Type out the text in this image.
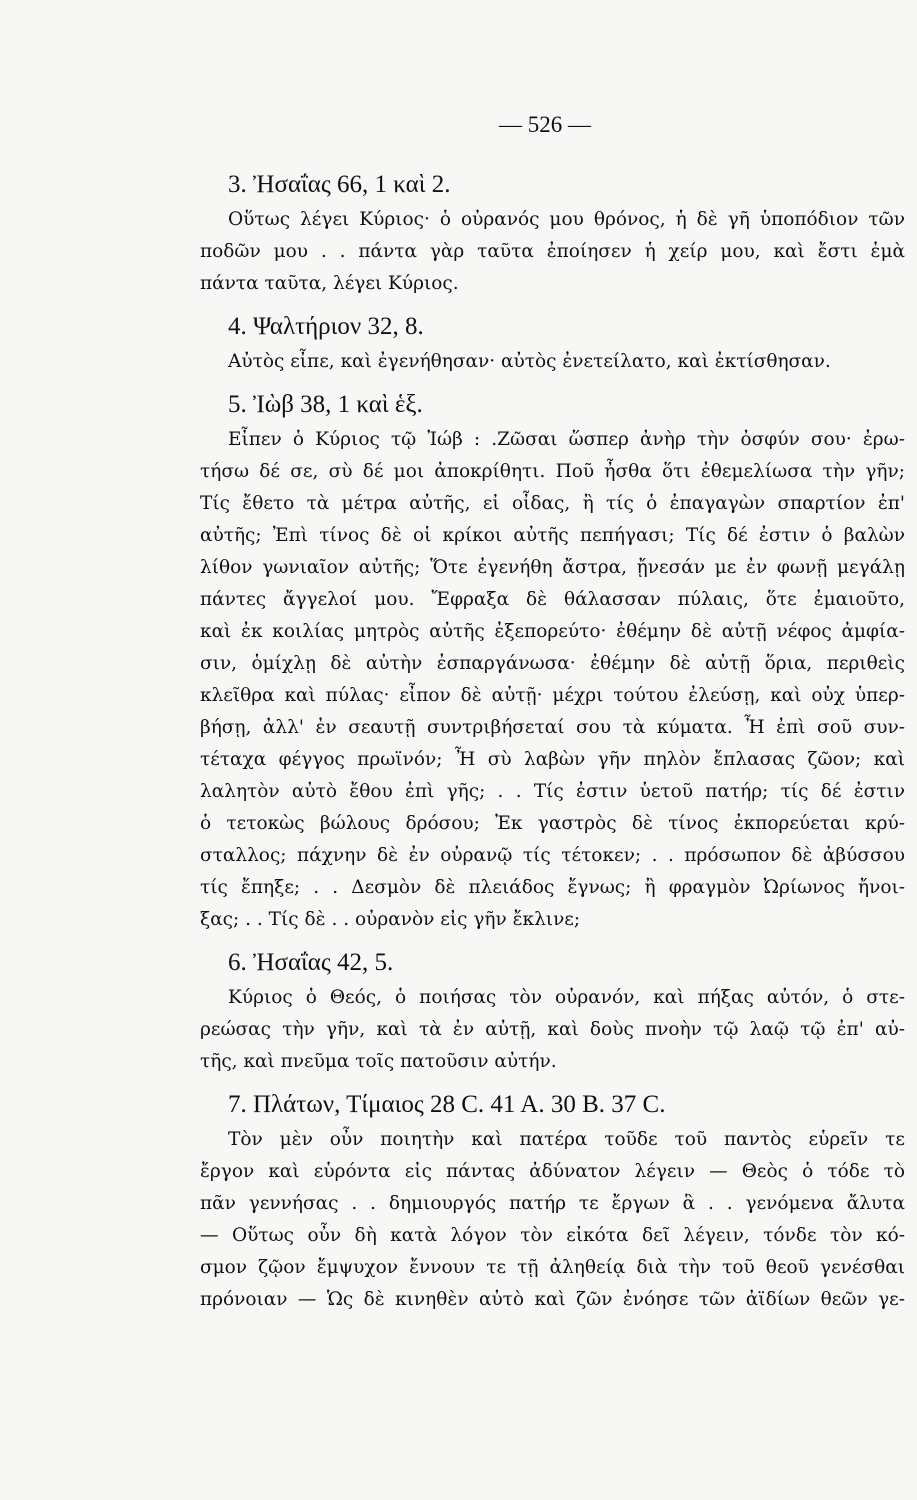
— 526 —
3. Ἠσαΐας 66, 1 καὶ 2.
Οὕτως λέγει Κύριος· ὁ οὐρανός μου θρόνος, ἡ δὲ γῆ ὑποπόδιον τῶν
ποδῶν μου . . πάντα γὰρ ταῦτα ἐποίησεν ἡ χείρ μου, καὶ ἔστι ἐμὰ
πάντα ταῦτα, λέγει Κύριος.
4. Ψαλτήριον 32, 8.
Αὐτὸς εἶπε, καὶ ἐγενήθησαν· αὐτὸς ἐνετείλατο, καὶ ἐκτίσθησαν.
5. Ἰὼβ 38, 1 καὶ ἑξ.
Εἶπεν ὁ Κύριος τῷ Ἰώβ : .Ζῶσαι ὥσπερ ἀνὴρ τὴν ὀσφύν σου· ἐρω-
τήσω δέ σε, σὺ δέ μοι ἀποκρίθητι. Ποῦ ἦσθα ὅτι ἐθεμελίωσα τὴν γῆν;
Τίς ἔθετο τὰ μέτρα αὐτῆς, εἰ οἶδας, ἢ τίς ὁ ἐπαγαγὼν σπαρτίον ἐπ'
αὐτῆς; Ἐπὶ τίνος δὲ οἱ κρίκοι αὐτῆς πεπήγασι; Τίς δέ ἐστιν ὁ βαλὼν
λίθον γωνιαῖον αὐτῆς; Ὅτε ἐγενήθη ἄστρα, ᾔνεσάν με ἐν φωνῇ μεγάλῃ
πάντες ἄγγελοί μου. Ἔφραξα δὲ θάλασσαν πύλαις, ὅτε ἐμαιοῦτο,
καὶ ἐκ κοιλίας μητρὸς αὐτῆς ἐξεπορεύτο· ἐθέμην δὲ αὐτῇ νέφος ἀμφία-
σιν, ὁμίχλῃ δὲ αὐτὴν ἐσπαργάνωσα· ἐθέμην δὲ αὐτῇ ὅρια, περιθεὶς
κλεῖθρα καὶ πύλας· εἶπον δὲ αὐτῇ· μέχρι τούτου ἐλεύσῃ, καὶ οὐχ ὑπερ-
βήσῃ, ἀλλ' ἐν σεαυτῇ συντριβήσεταί σου τὰ κύματα. Ἦ ἐπὶ σοῦ συν-
τέταχα φέγγος πρωϊνόν; Ἦ σὺ λαβὼν γῆν πηλὸν ἔπλασας ζῶον; καὶ
λαλητὸν αὐτὸ ἔθου ἐπὶ γῆς; . . Τίς ἐστιν ὑετοῦ πατήρ; τίς δέ ἐστιν
ὁ τετοκὼς βώλους δρόσου; Ἐκ γαστρὸς δὲ τίνος ἐκπορεύεται κρύ-
σταλλος; πάχνην δὲ ἐν οὐρανῷ τίς τέτοκεν; . . πρόσωπον δὲ ἀβύσσου
τίς ἔπηξε; . . Δεσμὸν δὲ πλειάδος ἔγνως; ἢ φραγμὸν Ὠρίωνος ἤνοι-
ξας; . . Τίς δὲ . . οὐρανὸν εἰς γῆν ἔκλινε;
6. Ἠσαΐας 42, 5.
Κύριος ὁ Θεός, ὁ ποιήσας τὸν οὐρανόν, καὶ πήξας αὐτόν, ὁ στε-
ρεώσας τὴν γῆν, καὶ τὰ ἐν αὐτῇ, καὶ δοὺς πνοὴν τῷ λαῷ τῷ ἐπ' αὐ-
τῆς, καὶ πνεῦμα τοῖς πατοῦσιν αὐτήν.
7. Πλάτων, Τίμαιος 28 C. 41 A. 30 B. 37 C.
Τὸν μὲν οὖν ποιητὴν καὶ πατέρα τοῦδε τοῦ παντὸς εὑρεῖν τε
ἔργον καὶ εὑρόντα εἰς πάντας ἀδύνατον λέγειν — Θεὸς ὁ τόδε τὸ
πᾶν γεννήσας . . δημιουργός πατήρ τε ἔργων ἃ . . γενόμενα ἄλυτα
— Οὕτως οὖν δὴ κατὰ λόγον τὸν εἰκότα δεῖ λέγειν, τόνδε τὸν κό-
σμον ζῷον ἔμψυχον ἔννουν τε τῇ ἀληθείᾳ διὰ τὴν τοῦ θεοῦ γενέσθαι
πρόνοιαν — Ὡς δὲ κινηθὲν αὐτὸ καὶ ζῶν ἐνόησε τῶν ἀϊδίων θεῶν γε-
